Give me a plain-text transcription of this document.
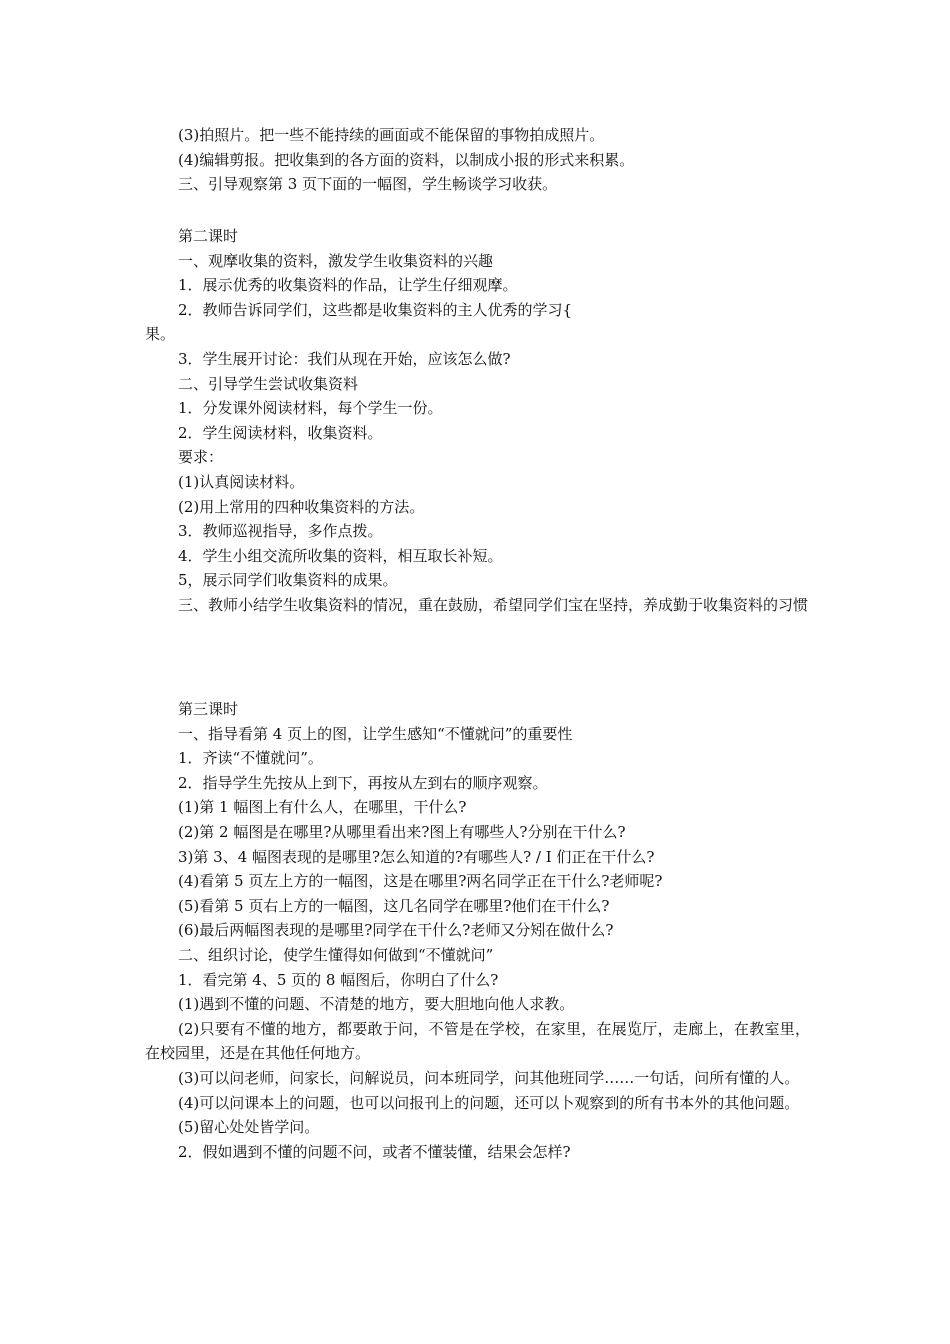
(3)拍照片。把一些不能持续的画面或不能保留的事物拍成照片。
(4)编辑剪报。把收集到的各方面的资料，以制成小报的形式来积累。
三、引导观察第 3 页下面的一幅图，学生畅谈学习收获。
第二课时
一、观摩收集的资料，激发学生收集资料的兴趣
1．展示优秀的收集资料的作品，让学生仔细观摩。
2．教师告诉同学们，这些都是收集资料的主人优秀的学习{
果。
3．学生展开讨论：我们从现在开始，应该怎么做?
二、引导学生尝试收集资料
1．分发课外阅读材料，每个学生一份。
2．学生阅读材料，收集资料。
要求：
(1)认真阅读材料。
(2)用上常用的四种收集资料的方法。
3．教师巡视指导，多作点拨。
4．学生小组交流所收集的资料，相互取长补短。
5，展示同学们收集资料的成果。
三、教师小结学生收集资料的情况，重在鼓励，希望同学们宝在坚持，养成勤于收集资料的习惯
第三课时
一、指导看第 4 页上的图，让学生感知“不懂就问”的重要性
1．齐读“不懂就问”。
2．指导学生先按从上到下，再按从左到右的顺序观察。
(1)第 1 幅图上有什么人，在哪里，干什么?
(2)第 2 幅图是在哪里?从哪里看出来?图上有哪些人?分别在干什么?
3)第 3、4 幅图表现的是哪里?怎么知道的?有哪些人? / I 们正在干什么?
(4)看第 5 页左上方的一幅图，这是在哪里?两名同学正在干什么?老师呢?
(5)看第 5 页右上方的一幅图，这几名同学在哪里?他们在干什么?
(6)最后两幅图表现的是哪里?同学在干什么?老师又分矧在做什么?
二、组织讨论，使学生懂得如何做到“不懂就问”
1．看完第 4、5 页的 8 幅图后，你明白了什么?
(1)遇到不懂的问题、不清楚的地方，要大胆地向他人求教。
(2)只要有不懂的地方，都要敢于问，不管是在学校，在家里，在展览厅，走廊上，在教室里，在校园里，还是在其他任何地方。
(3)可以问老师，问家长，问解说员，问本班同学，问其他班同学……一句话，问所有懂的人。
(4)可以问课本上的问题，也可以问报刊上的问题，还可以卜观察到的所有书本外的其他问题。
(5)留心处处皆学问。
2．假如遇到不懂的问题不问，或者不懂装懂，结果会怎样?
